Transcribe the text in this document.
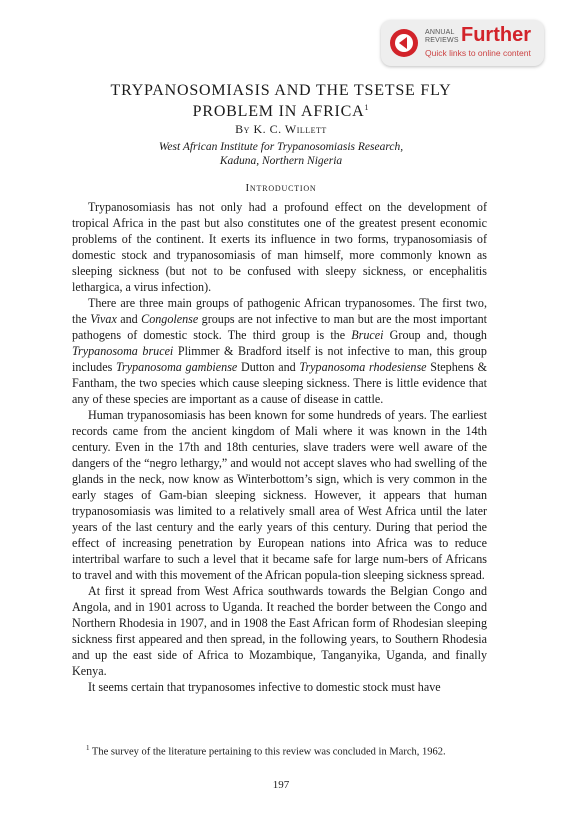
ANNUAL
REVIEWS Further
Quick links to online content
TRYPANOSOMIASIS AND THE TSETSE FLY
PROBLEM IN AFRICA$^1$
By K. C. Willett
West African Institute for Trypanosomiasis Research,
Kaduna, Northern Nigeria
Introduction

Trypanosomiasis has not only had a profound effect on the development of tropical Africa in the past but also constitutes one of the greatest present economic problems of the continent. It exerts its influence in two forms, trypanosomiasis of domestic stock and trypanosomiasis of man himself, more commonly known as sleeping sickness (but not to be confused with sleepy sickness, or encephalitis lethargica, a virus infection).

There are three main groups of pathogenic African trypanosomes. The first two, the Vivax and Congolense groups are not infective to man but are the most important pathogens of domestic stock. The third group is the Brucei Group and, though Trypanosoma brucei Plimmer & Bradford itself is not infective to man, this group includes Trypanosoma gambiense Dutton and Trypanosoma rhodesiense Stephens & Fantham, the two species which cause sleeping sickness. There is little evidence that any of these species are important as a cause of disease in cattle.

Human trypanosomiasis has been known for some hundreds of years. The earliest records came from the ancient kingdom of Mali where it was known in the 14th century. Even in the 17th and 18th centuries, slave traders were well aware of the dangers of the “negro lethargy,” and would not accept slaves who had swelling of the glands in the neck, now know as Winterbottom’s sign, which is very common in the early stages of Gam-bian sleeping sickness. However, it appears that human trypanosomiasis was limited to a relatively small area of West Africa until the later years of the last century and the early years of this century. During that period the effect of increasing penetration by European nations into Africa was to reduce intertribal warfare to such a level that it became safe for large num-bers of Africans to travel and with this movement of the African popula-tion sleeping sickness spread.

At first it spread from West Africa southwards towards the Belgian Congo and Angola, and in 1901 across to Uganda. It reached the border between the Congo and Northern Rhodesia in 1907, and in 1908 the East African form of Rhodesian sleeping sickness first appeared and then spread, in the following years, to Southern Rhodesia and up the east side of Africa to Mozambique, Tanganyika, Uganda, and finally Kenya.

It seems certain that trypanosomes infective to domestic stock must have

$^1$ The survey of the literature pertaining to this review was concluded in March, 1962.
197
